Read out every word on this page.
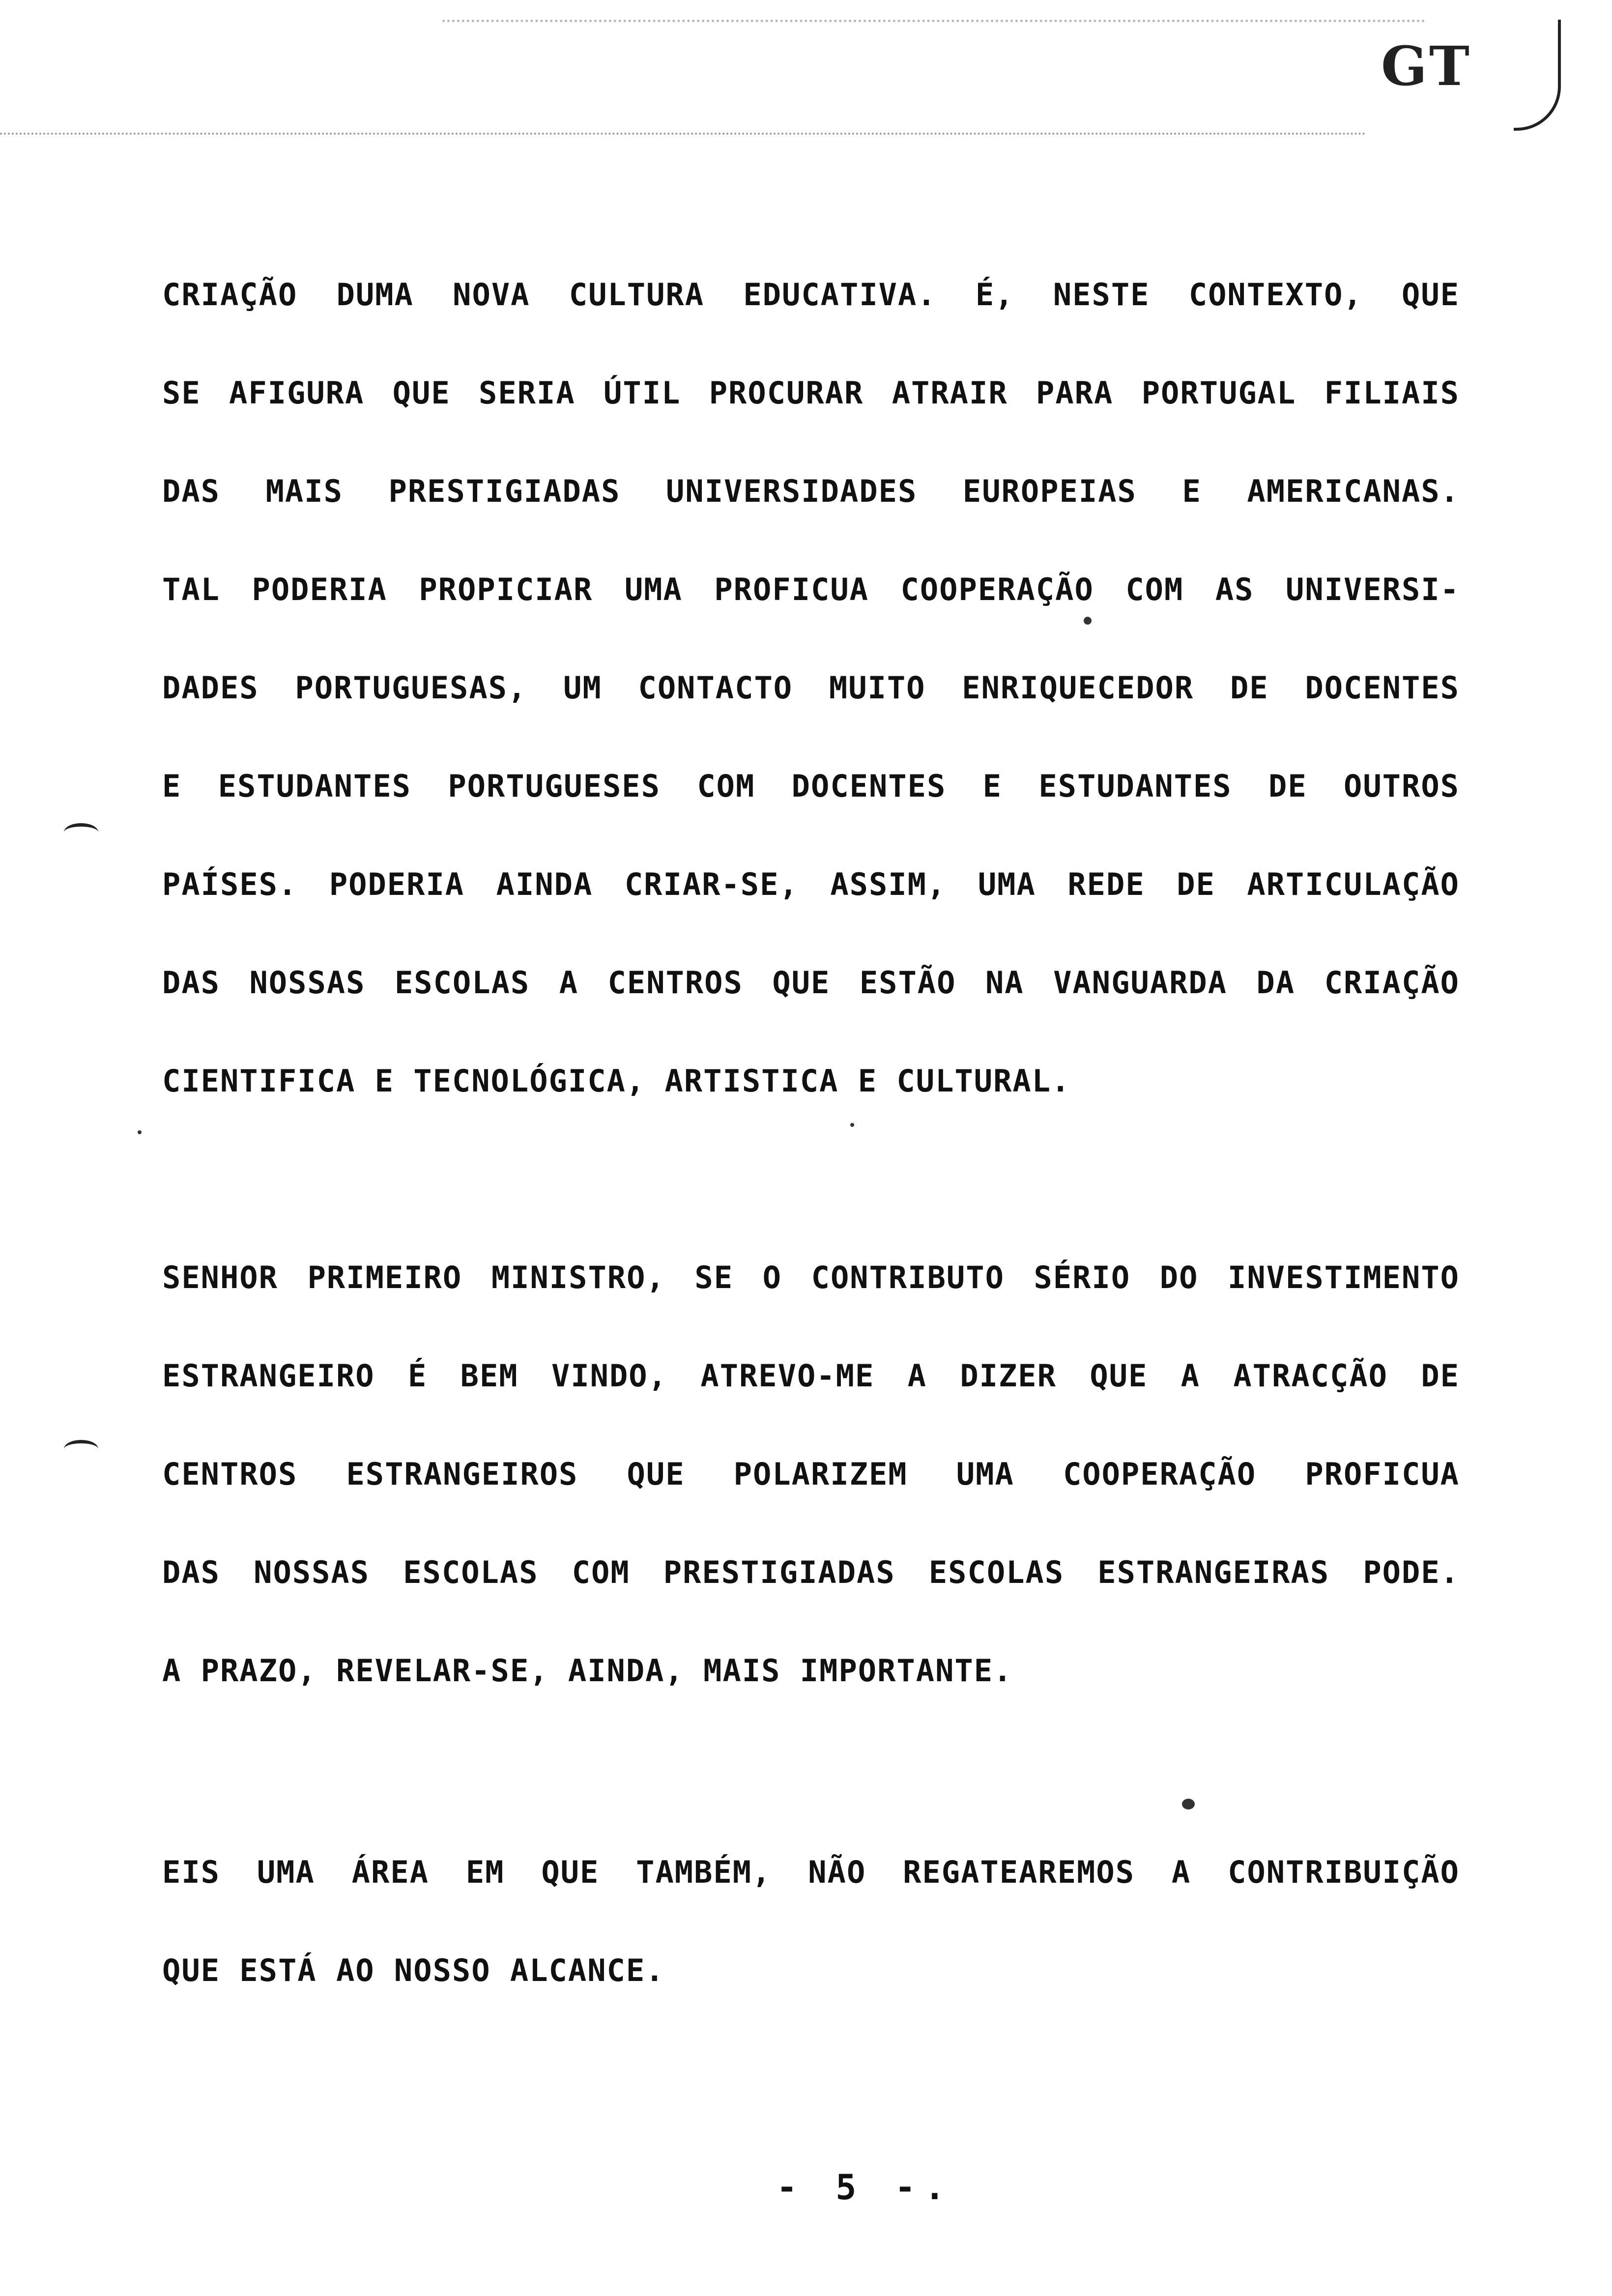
GT
CRIAÇÃO DUMA NOVA CULTURA EDUCATIVA. É, NESTE CONTEXTO, QUE
SE AFIGURA QUE SERIA ÚTIL PROCURAR ATRAIR PARA PORTUGAL FILIAIS
DAS MAIS PRESTIGIADAS UNIVERSIDADES EUROPEIAS E AMERICANAS.
TAL PODERIA PROPICIAR UMA PROFICUA COOPERAÇÃO COM AS UNIVERSI-
DADES PORTUGUESAS, UM CONTACTO MUITO ENRIQUECEDOR DE DOCENTES
E ESTUDANTES PORTUGUESES COM DOCENTES E ESTUDANTES DE OUTROS
PAÍSES. PODERIA AINDA CRIAR-SE, ASSIM, UMA REDE DE ARTICULAÇÃO
DAS NOSSAS ESCOLAS A CENTROS QUE ESTÃO NA VANGUARDA DA CRIAÇÃO
CIENTIFICA E TECNOLÓGICA, ARTISTICA E CULTURAL.
SENHOR PRIMEIRO MINISTRO, SE O CONTRIBUTO SÉRIO DO INVESTIMENTO
ESTRANGEIRO É BEM VINDO, ATREVO-ME A DIZER QUE A ATRACÇÃO DE
CENTROS ESTRANGEIROS QUE POLARIZEM UMA COOPERAÇÃO PROFICUA
DAS NOSSAS ESCOLAS COM PRESTIGIADAS ESCOLAS ESTRANGEIRAS PODE.
A PRAZO, REVELAR-SE, AINDA, MAIS IMPORTANTE.
EIS UMA ÁREA EM QUE TAMBÉM, NÃO REGATEAREMOS A CONTRIBUIÇÃO
QUE ESTÁ AO NOSSO ALCANCE.
- 5 -.
